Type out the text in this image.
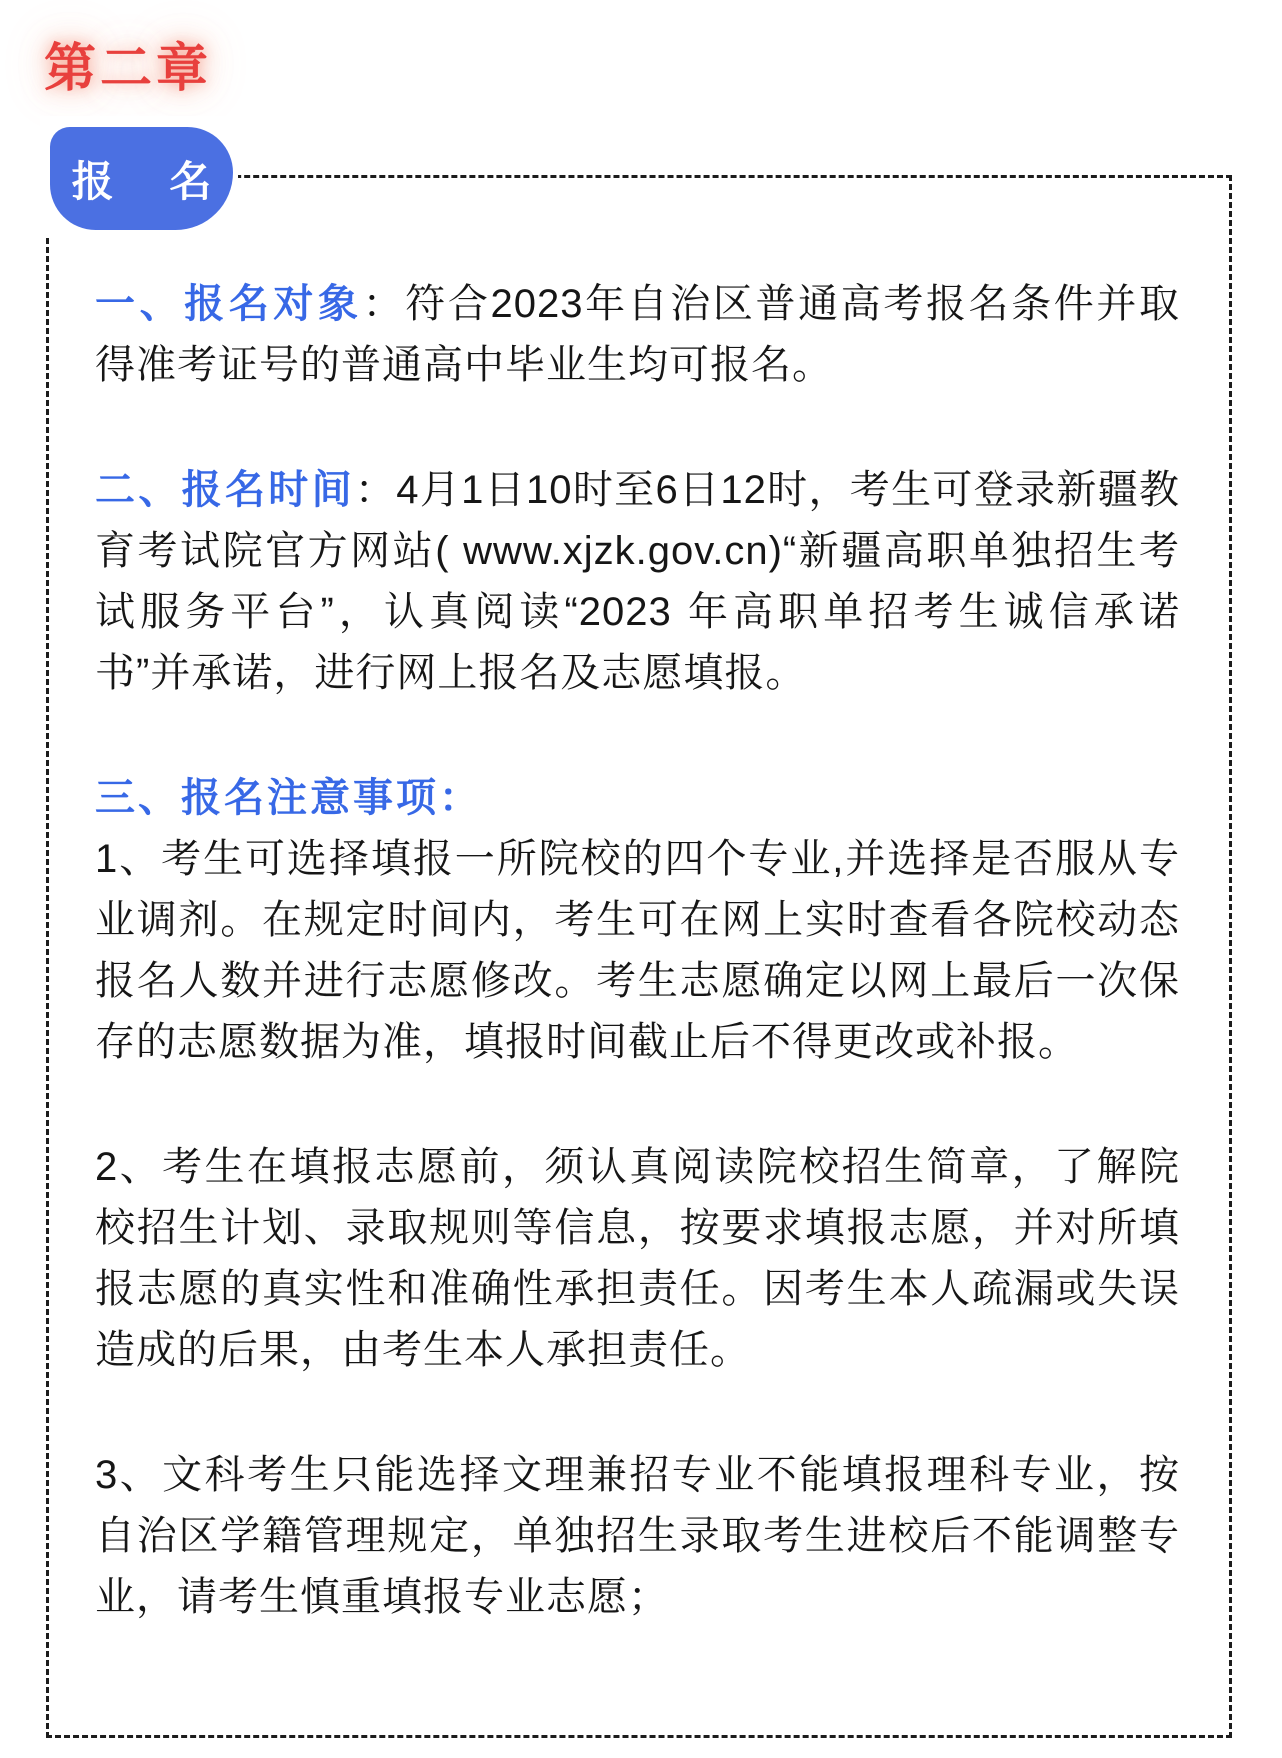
第二章

一、报名对象：符合2023年自治区普通高考报名条件并取得准考证号的普通高中毕业生均可报名。

二、报名时间：4月1日10时至6日12时，考生可登录新疆教育考试院官方网站( www.xjzk.gov.cn)“新疆高职单独招生考试服务平台”，认真阅读“2023 年高职单招考生诚信承诺书”并承诺，进行网上报名及志愿填报。

三、报名注意事项：

1、考生可选择填报一所院校的四个专业,并选择是否服从专业调剂。在规定时间内，考生可在网上实时查看各院校动态报名人数并进行志愿修改。考生志愿确定以网上最后一次保存的志愿数据为准，填报时间截止后不得更改或补报。

2、考生在填报志愿前，须认真阅读院校招生简章，了解院校招生计划、录取规则等信息，按要求填报志愿，并对所填报志愿的真实性和准确性承担责任。因考生本人疏漏或失误造成的后果，由考生本人承担责任。

3、文科考生只能选择文理兼招专业不能填报理科专业，按自治区学籍管理规定，单独招生录取考生进校后不能调整专业，请考生慎重填报专业志愿；

报 名
